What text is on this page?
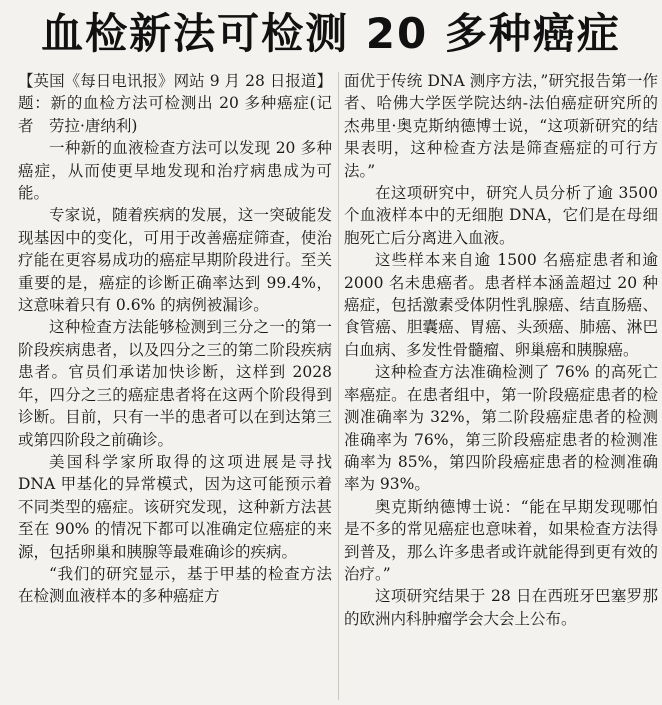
血检新法可检测 20 多种癌症

【英国《每日电讯报》网站 9 月 28 日报道】题：新的血检方法可检测出 20 多种癌症(记者　劳拉·唐纳利)

一种新的血液检查方法可以发现 20 多种癌症，从而使更早地发现和治疗病患成为可能。

专家说，随着疾病的发展，这一突破能发现基因中的变化，可用于改善癌症筛查，使治疗能在更容易成功的癌症早期阶段进行。至关重要的是，癌症的诊断正确率达到 99.4%，这意味着只有 0.6% 的病例被漏诊。

这种检查方法能够检测到三分之一的第一阶段疾病患者，以及四分之三的第二阶段疾病患者。官员们承诺加快诊断，这样到 2028 年，四分之三的癌症患者将在这两个阶段得到诊断。目前，只有一半的患者可以在到达第三或第四阶段之前确诊。

美国科学家所取得的这项进展是寻找 DNA 甲基化的异常模式，因为这可能预示着不同类型的癌症。该研究发现，这种新方法甚至在 90% 的情况下都可以准确定位癌症的来源，包括卵巢和胰腺等最难确诊的疾病。

“我们的研究显示，基于甲基的检查方法在检测血液样本的多种癌症方

面优于传统 DNA 测序方法，”研究报告第一作者、哈佛大学医学院达纳-法伯癌症研究所的杰弗里·奥克斯纳德博士说，“这项新研究的结果表明，这种检查方法是筛查癌症的可行方法。”

在这项研究中，研究人员分析了逾 3500 个血液样本中的无细胞 DNA，它们是在母细胞死亡后分离进入血液。

这些样本来自逾 1500 名癌症患者和逾 2000 名未患癌者。患者样本涵盖超过 20 种癌症，包括激素受体阴性乳腺癌、结直肠癌、食管癌、胆囊癌、胃癌、头颈癌、肺癌、淋巴白血病、多发性骨髓瘤、卵巢癌和胰腺癌。

这种检查方法准确检测了 76% 的高死亡率癌症。在患者组中，第一阶段癌症患者的检测准确率为 32%，第二阶段癌症患者的检测准确率为 76%，第三阶段癌症患者的检测准确率为 85%，第四阶段癌症患者的检测准确率为 93%。

奥克斯纳德博士说：“能在早期发现哪怕是不多的常见癌症也意味着，如果检查方法得到普及，那么许多患者或许就能得到更有效的治疗。”

这项研究结果于 28 日在西班牙巴塞罗那的欧洲内科肿瘤学会大会上公布。
